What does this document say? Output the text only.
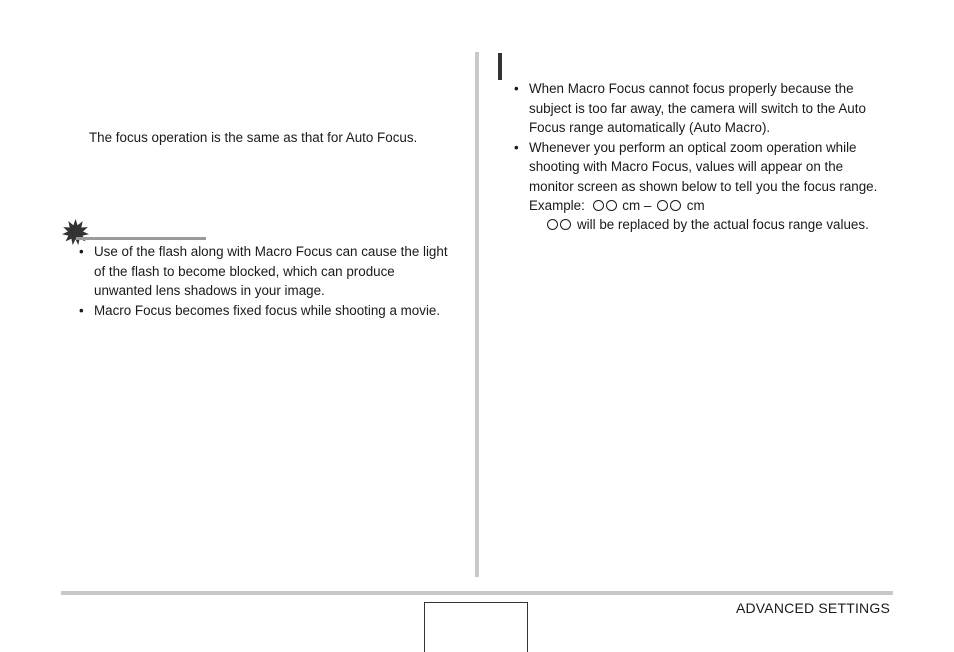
The focus operation is the same as that for Auto Focus.
• Use of the flash along with Macro Focus can cause the light
of the flash to become blocked, which can produce
unwanted lens shadows in your image.
• Macro Focus becomes fixed focus while shooting a movie.
• When Macro Focus cannot focus properly because the
subject is too far away, the camera will switch to the Auto
Focus range automatically (Auto Macro).
• Whenever you perform an optical zoom operation while
shooting with Macro Focus, values will appear on the
monitor screen as shown below to tell you the focus range.
Example:	cm –	cm
will be replaced by the actual focus range values.
ADVANCED SETTINGS
